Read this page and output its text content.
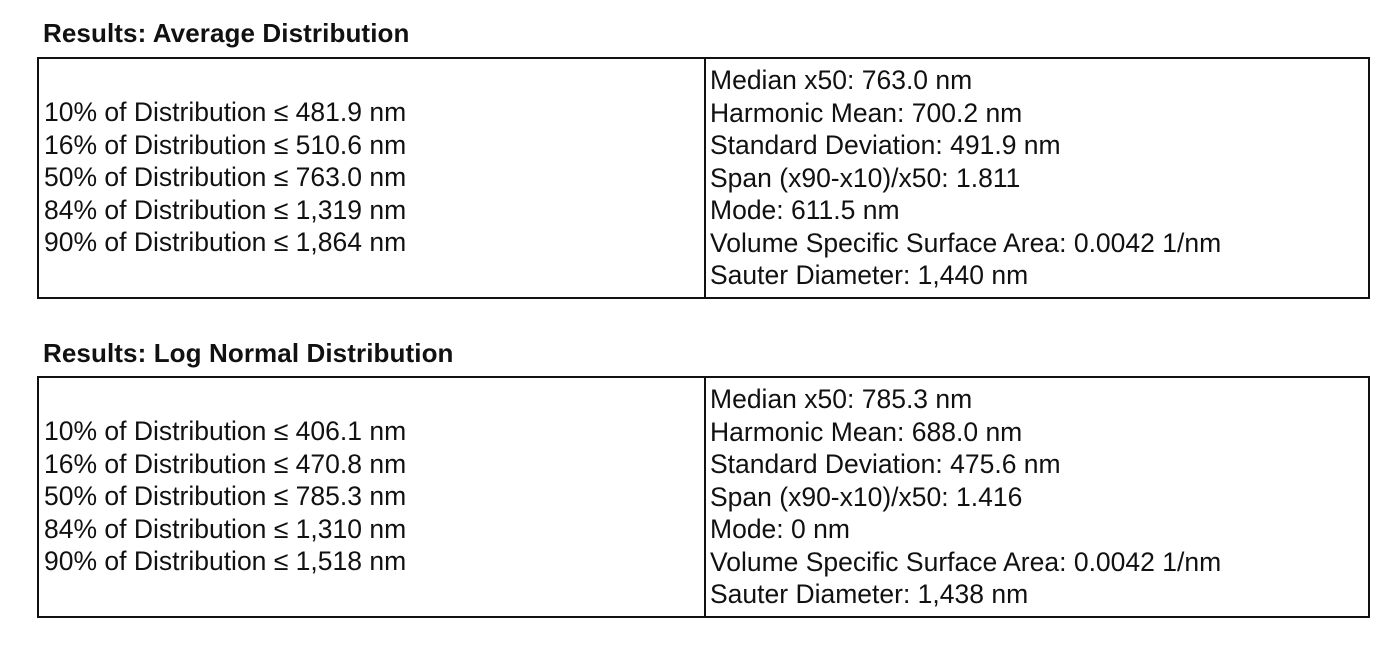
Results: Average Distribution
10% of Distribution ≤ 481.9 nm
16% of Distribution ≤ 510.6 nm
50% of Distribution ≤ 763.0 nm
84% of Distribution ≤ 1,319 nm
90% of Distribution ≤ 1,864 nm
Median x50: 763.0 nm
Harmonic Mean: 700.2 nm
Standard Deviation: 491.9 nm
Span (x90-x10)/x50: 1.811
Mode: 611.5 nm
Volume Specific Surface Area: 0.0042 1/nm
Sauter Diameter: 1,440 nm
Results: Log Normal Distribution
10% of Distribution ≤ 406.1 nm
16% of Distribution ≤ 470.8 nm
50% of Distribution ≤ 785.3 nm
84% of Distribution ≤ 1,310 nm
90% of Distribution ≤ 1,518 nm
Median x50: 785.3 nm
Harmonic Mean: 688.0 nm
Standard Deviation: 475.6 nm
Span (x90-x10)/x50: 1.416
Mode: 0 nm
Volume Specific Surface Area: 0.0042 1/nm
Sauter Diameter: 1,438 nm
